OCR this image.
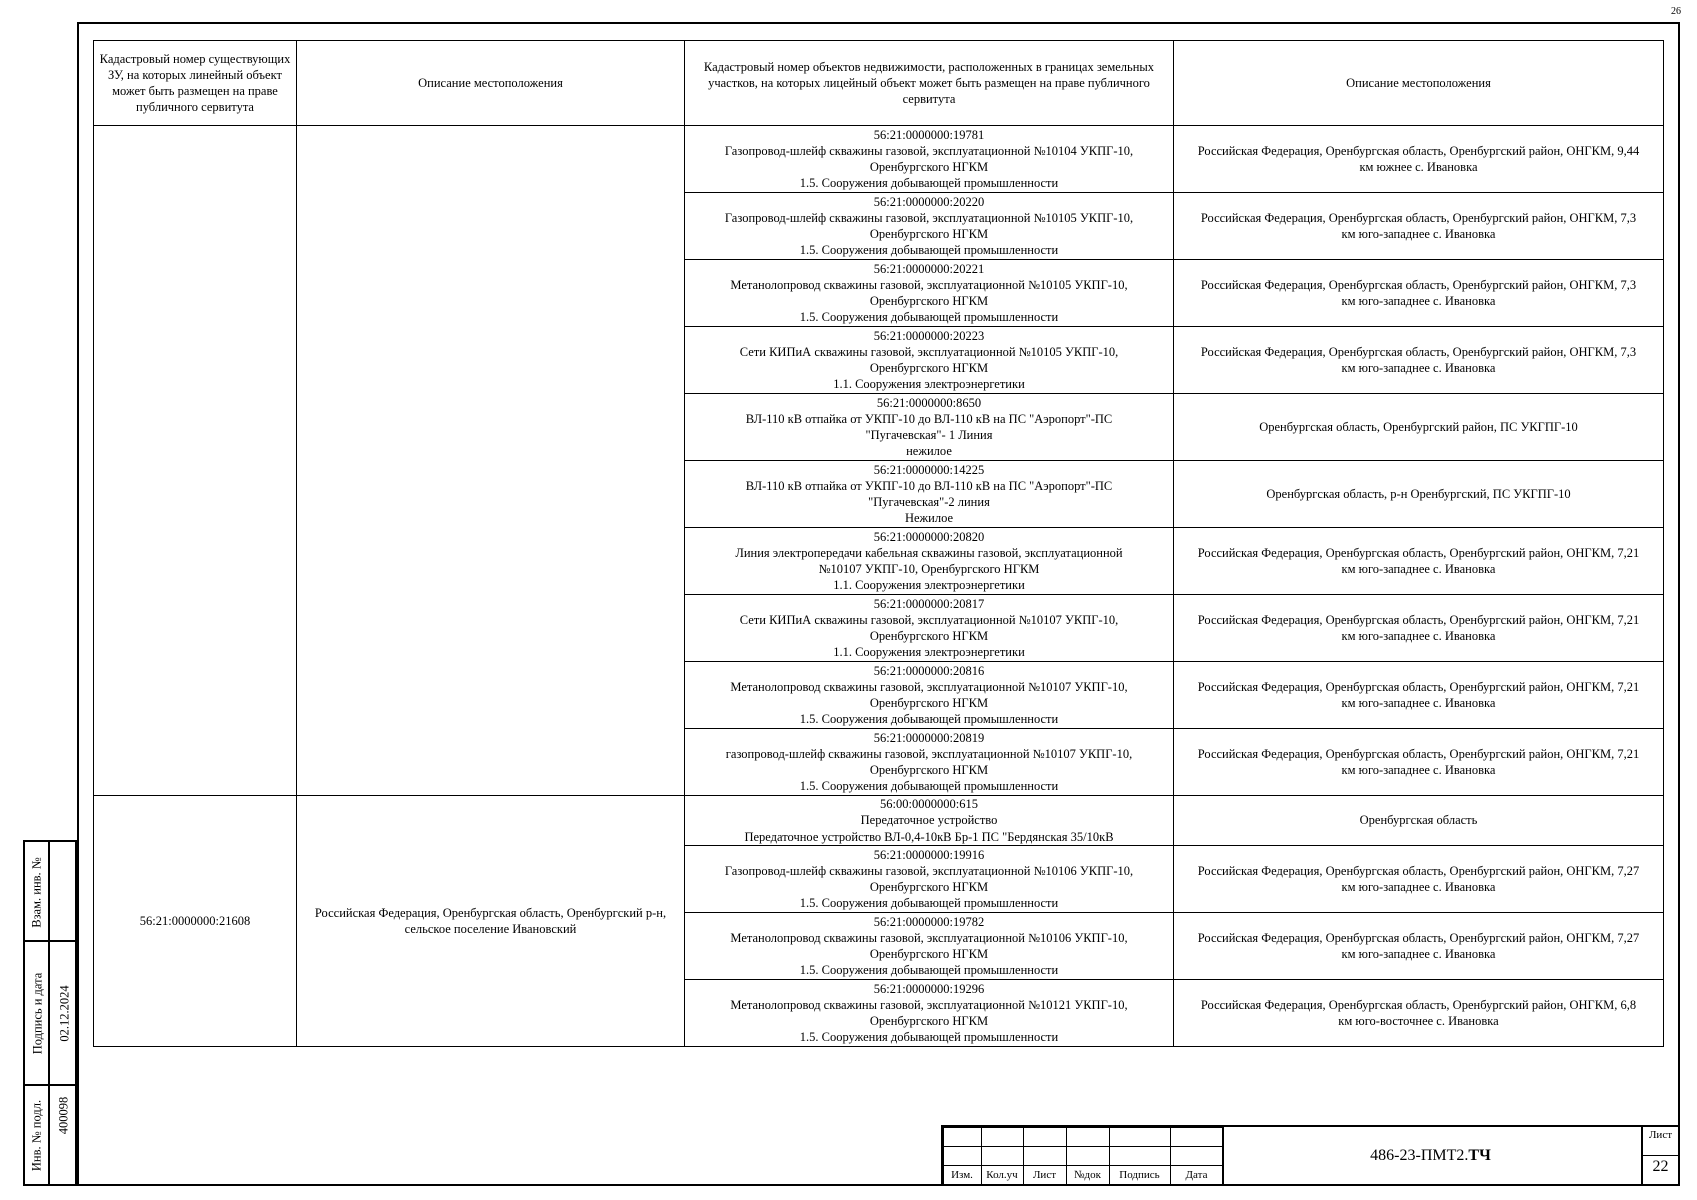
26
Кадастровый номер существующих ЗУ, на которых линейный объект может быть размещен на праве публичного сервитута	Описание местоположения	Кадастровый номер объектов недвижимости, расположенных в границах земельных участков, на которых лицейный объект может быть размещен на праве публичного сервитута	Описание местоположения

		56:21:0000000:19781
Газопровод-шлейф скважины газовой, эксплуатационной №10104 УКПГ-10,
Оренбургского НГКМ
1.5. Сооружения добывающей промышленности	Российская Федерация, Оренбургская область, Оренбургский район, ОНГКМ, 9,44 км южнее с. Ивановка

		56:21:0000000:20220
Газопровод-шлейф скважины газовой, эксплуатационной №10105 УКПГ-10,
Оренбургского НГКМ
1.5. Сооружения добывающей промышленности	Российская Федерация, Оренбургская область, Оренбургский район, ОНГКМ, 7,3 км юго-западнее с. Ивановка

		56:21:0000000:20221
Метанолопровод скважины газовой, эксплуатационной №10105 УКПГ-10,
Оренбургского НГКМ
1.5. Сооружения добывающей промышленности	Российская Федерация, Оренбургская область, Оренбургский район, ОНГКМ, 7,3 км юго-западнее с. Ивановка

		56:21:0000000:20223
Сети КИПиА скважины газовой, эксплуатационной №10105 УКПГ-10,
Оренбургского НГКМ
1.1. Сооружения электроэнергетики	Российская Федерация, Оренбургская область, Оренбургский район, ОНГКМ, 7,3 км юго-западнее с. Ивановка

		56:21:0000000:8650
ВЛ-110 кВ отпайка от УКПГ-10 до ВЛ-110 кВ на ПС "Аэропорт"-ПС
"Пугачевская"- 1 Линия
нежилое	Оренбургская область, Оренбургский район, ПС УКГПГ-10

		56:21:0000000:14225
ВЛ-110 кВ отпайка от УКПГ-10 до ВЛ-110 кВ на ПС "Аэропорт"-ПС
"Пугачевская"-2 линия
Нежилое	Оренбургская область, р-н Оренбургский, ПС УКГПГ-10

		56:21:0000000:20820
Линия электропередачи кабельная скважины газовой, эксплуатационной
№10107 УКПГ-10, Оренбургского НГКМ
1.1. Сооружения электроэнергетики	Российская Федерация, Оренбургская область, Оренбургский район, ОНГКМ, 7,21 км юго-западнее с. Ивановка

		56:21:0000000:20817
Сети КИПиА скважины газовой, эксплуатационной №10107 УКПГ-10,
Оренбургского НГКМ
1.1. Сооружения электроэнергетики	Российская Федерация, Оренбургская область, Оренбургский район, ОНГКМ, 7,21 км юго-западнее с. Ивановка

		56:21:0000000:20816
Метанолопровод скважины газовой, эксплуатационной №10107 УКПГ-10,
Оренбургского НГКМ
1.5. Сооружения добывающей промышленности	Российская Федерация, Оренбургская область, Оренбургский район, ОНГКМ, 7,21 км юго-западнее с. Ивановка

		56:21:0000000:20819
газопровод-шлейф скважины газовой, эксплуатационной №10107 УКПГ-10,
Оренбургского НГКМ
1.5. Сооружения добывающей промышленности	Российская Федерация, Оренбургская область, Оренбургский район, ОНГКМ, 7,21 км юго-западнее с. Ивановка
56:21:0000000:21608	Российская Федерация, Оренбургская область, Оренбургский р-н, сельское поселение Ивановский	56:00:0000000:615
Передаточное устройство
Передаточное устройство ВЛ-0,4-10кВ Бр-1 ПС "Бердянская 35/10кВ	Оренбургская область

		56:21:0000000:19916
Газопровод-шлейф скважины газовой, эксплуатационной №10106 УКПГ-10,
Оренбургского НГКМ
1.5. Сооружения добывающей промышленности	Российская Федерация, Оренбургская область, Оренбургский район, ОНГКМ, 7,27 км юго-западнее с. Ивановка

		56:21:0000000:19782
Метанолопровод скважины газовой, эксплуатационной №10106 УКПГ-10,
Оренбургского НГКМ
1.5. Сооружения добывающей промышленности	Российская Федерация, Оренбургская область, Оренбургский район, ОНГКМ, 7,27 км юго-западнее с. Ивановка

		56:21:0000000:19296
Метанолопровод скважины газовой, эксплуатационной №10121 УКПГ-10,
Оренбургского НГКМ
1.5. Сооружения добывающей промышленности	Российская Федерация, Оренбургская область, Оренбургский район, ОНГКМ, 6,8 км юго-восточнее с. Ивановка
Взам. инв. №
Подпись и дата 02.12.2024
Инв. № подл. 400098
Изм.	Кол.уч	Лист	№док	Подпись	Дата
486-23-ПМТ2. ТЧ
Лист
22
